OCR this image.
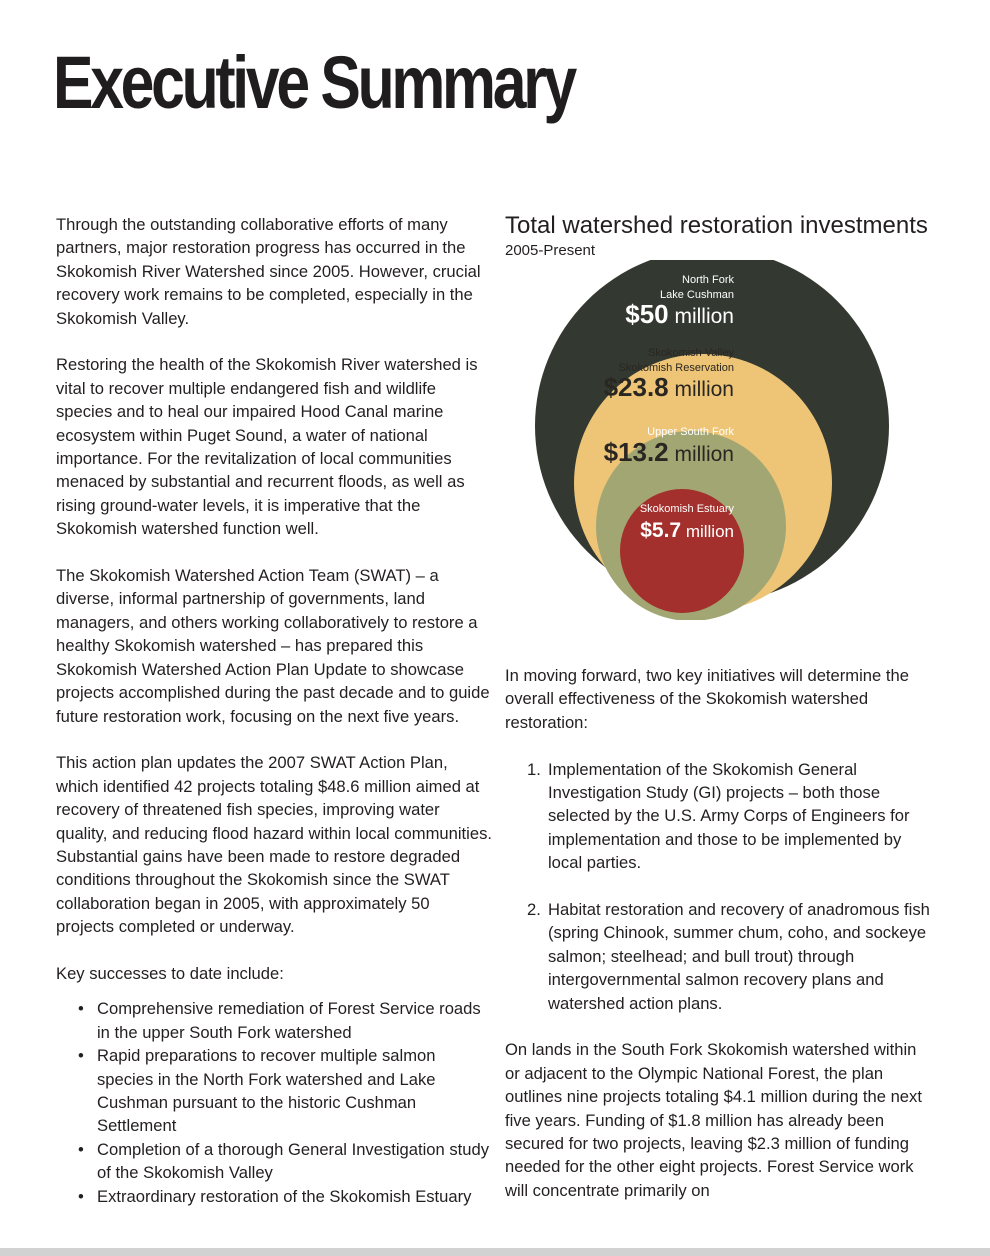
Executive Summary

Through the outstanding collaborative efforts of many partners, major restoration progress has occurred in the Skokomish River Watershed since 2005. However, crucial recovery work remains to be completed, especially in the Skokomish Valley.

Restoring the health of the Skokomish River watershed is vital to recover multiple endangered fish and wildlife species and to heal our impaired Hood Canal marine ecosystem within Puget Sound, a water of national importance. For the revitalization of local communities menaced by substantial and recurrent floods, as well as rising ground-water levels, it is imperative that the Skokomish watershed function well.

The Skokomish Watershed Action Team (SWAT) – a diverse, informal partnership of governments, land managers, and others working collaboratively to restore a healthy Skokomish watershed – has prepared this Skokomish Watershed Action Plan Update to showcase projects accomplished during the past decade and to guide future restoration work, focusing on the next five years.

This action plan updates the 2007 SWAT Action Plan, which identified 42 projects totaling $48.6 million aimed at recovery of threatened fish species, improving water quality, and reducing flood hazard within local communities. Substantial gains have been made to restore degraded conditions throughout the Skokomish since the SWAT collaboration began in 2005, with approximately 50 projects completed or underway.

Key successes to date include:

• Comprehensive remediation of Forest Service roads in the upper South Fork watershed
• Rapid preparations to recover multiple salmon species in the North Fork watershed and Lake Cushman pursuant to the historic Cushman Settlement
• Completion of a thorough General Investigation study of the Skokomish Valley
• Extraordinary restoration of the Skokomish Estuary
Total watershed restoration investments
2005-Present
North Fork
Lake Cushman
$50 million
Skokomish Valley
Skokomish Reservation
$23.8 million
Upper South Fork
$13.2 million
Skokomish Estuary
$5.7 million

In moving forward, two key initiatives will determine the overall effectiveness of the Skokomish watershed restoration:

1. Implementation of the Skokomish General Investigation Study (GI) projects – both those selected by the U.S. Army Corps of Engineers for implementation and those to be implemented by local parties.
2. Habitat restoration and recovery of anadromous fish (spring Chinook, summer chum, coho, and sockeye salmon; steelhead; and bull trout) through intergovernmental salmon recovery plans and watershed action plans.

On lands in the South Fork Skokomish watershed within or adjacent to the Olympic National Forest, the plan outlines nine projects totaling $4.1 million during the next five years. Funding of $1.8 million has already been secured for two projects, leaving $2.3 million of funding needed for the other eight projects. Forest Service work will concentrate primarily on
